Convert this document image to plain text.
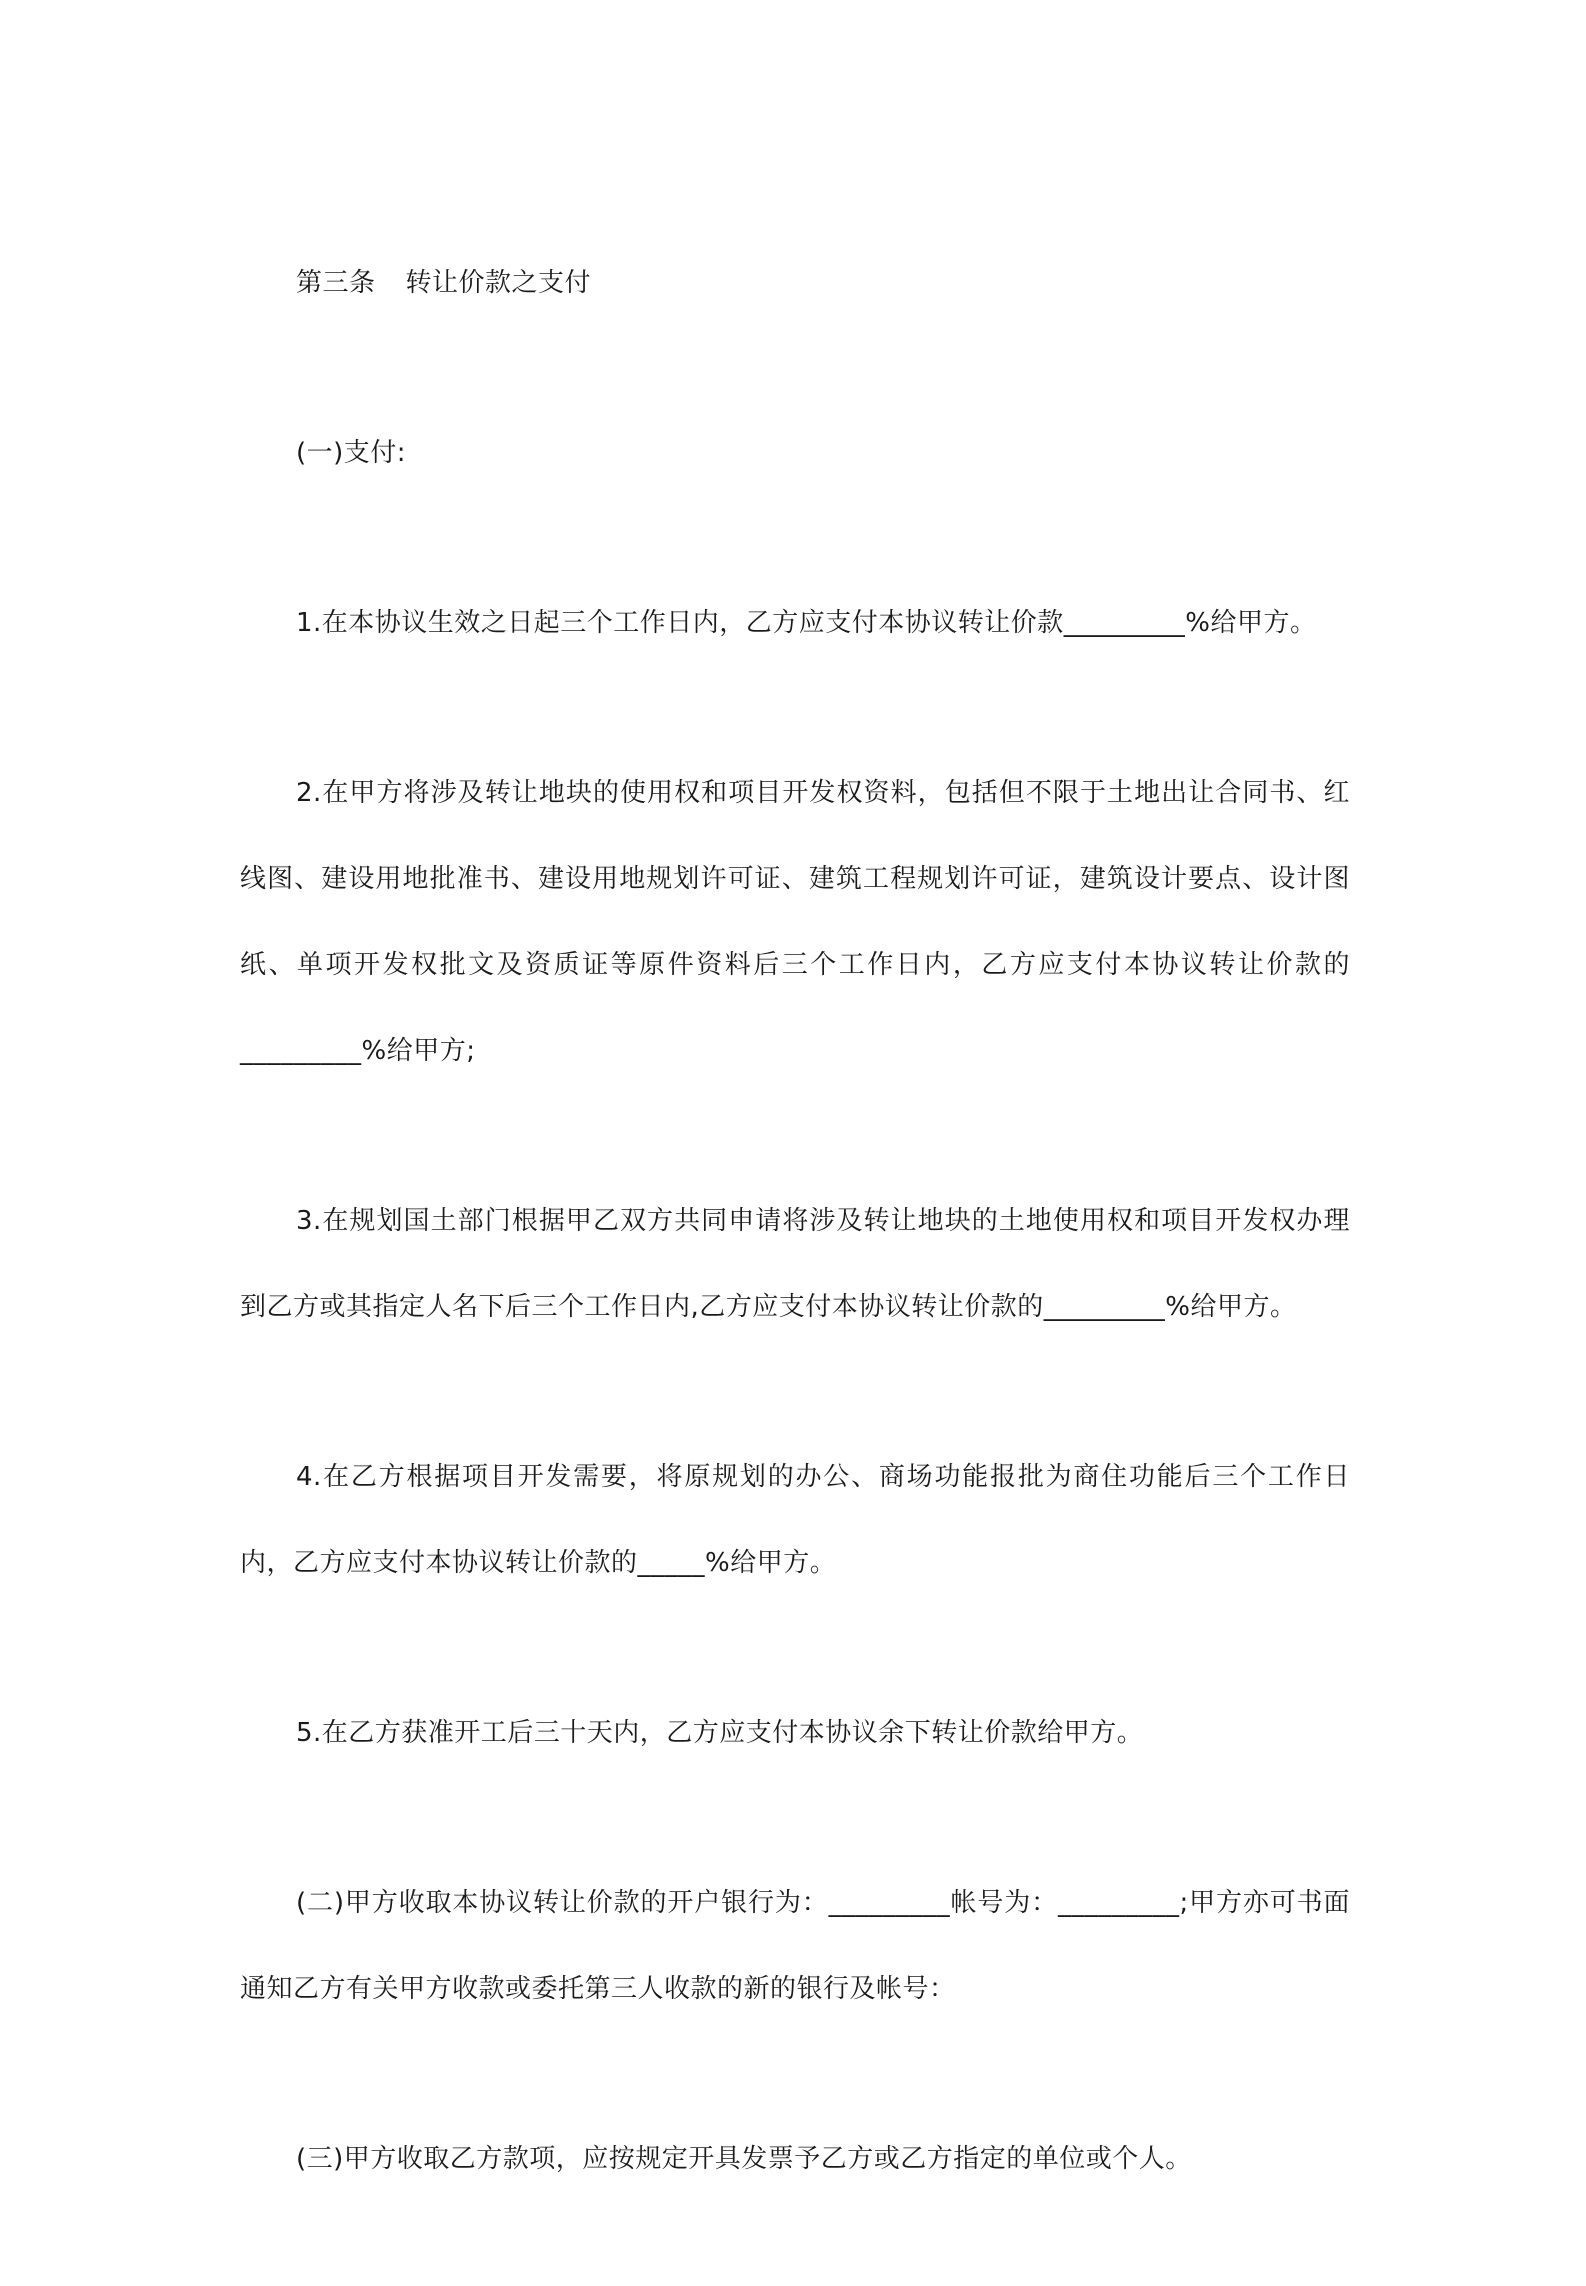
第三条 转让价款之支付

(一)支付:

1.在本协议生效之日起三个工作日内，乙方应支付本协议转让价款_________%给甲方。

2.在甲方将涉及转让地块的使用权和项目开发权资料，包括但不限于土地出让合同书、红线图、建设用地批准书、建设用地规划许可证、建筑工程规划许可证，建筑设计要点、设计图纸、单项开发权批文及资质证等原件资料后三个工作日内，乙方应支付本协议转让价款的_________%给甲方;

3.在规划国土部门根据甲乙双方共同申请将涉及转让地块的土地使用权和项目开发权办理到乙方或其指定人名下后三个工作日内,乙方应支付本协议转让价款的_________%给甲方。

4.在乙方根据项目开发需要，将原规划的办公、商场功能报批为商住功能后三个工作日内，乙方应支付本协议转让价款的_____%给甲方。

5.在乙方获准开工后三十天内，乙方应支付本协议余下转让价款给甲方。

(二)甲方收取本协议转让价款的开户银行为：_________帐号为：_________;甲方亦可书面通知乙方有关甲方收款或委托第三人收款的新的银行及帐号：

(三)甲方收取乙方款项，应按规定开具发票予乙方或乙方指定的单位或个人。
